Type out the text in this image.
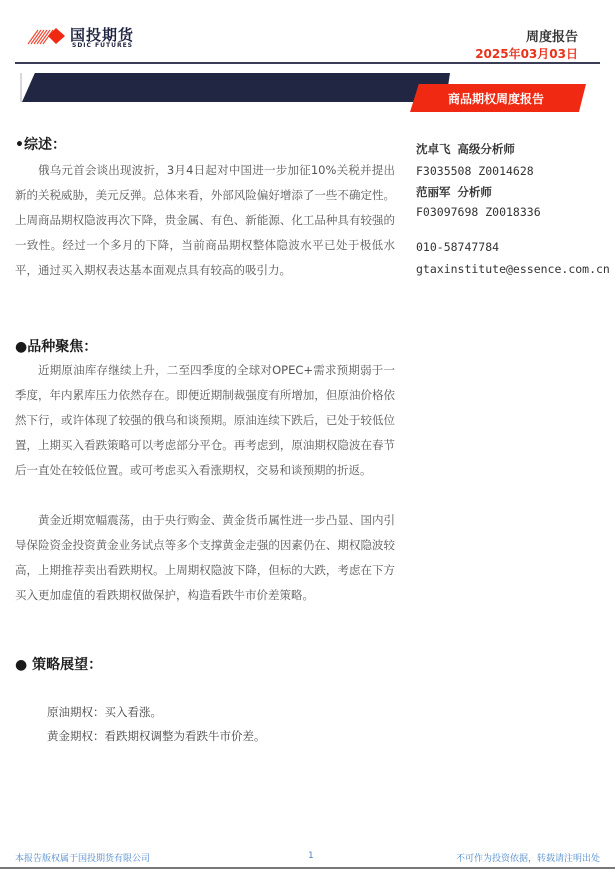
国投期货
SDIC FUTURES
周度报告
2025年03月03日
商品期权周度报告
•综述：
俄乌元首会谈出现波折，3月4日起对中国进一步加征10%关税并提出新的关税威胁，美元反弹。总体来看，外部风险偏好增添了一些不确定性。上周商品期权隐波再次下降，贵金属、有色、新能源、化工品种具有较强的一致性。经过一个多月的下降，当前商品期权整体隐波水平已处于极低水平，通过买入期权表达基本面观点具有较高的吸引力。
●品种聚焦：
近期原油库存继续上升，二至四季度的全球对OPEC+需求预期弱于一季度，年内累库压力依然存在。即便近期制裁强度有所增加，但原油价格依然下行，或许体现了较强的俄乌和谈预期。原油连续下跌后，已处于较低位置，上期买入看跌策略可以考虑部分平仓。再考虑到，原油期权隐波在春节后一直处在较低位置。或可考虑买入看涨期权，交易和谈预期的折返。
黄金近期宽幅震荡，由于央行购金、黄金货币属性进一步凸显、国内引导保险资金投资黄金业务试点等多个支撑黄金走强的因素仍在、期权隐波较高，上期推荐卖出看跌期权。上周期权隐波下降，但标的大跌，考虑在下方买入更加虚值的看跌期权做保护，构造看跌牛市价差策略。
● 策略展望：
原油期权：买入看涨。
黄金期权：看跌期权调整为看跌牛市价差。
沈卓飞 高级分析师
F3035508 Z0014628
范丽军 分析师
F03097698 Z0018336
010-58747784
gtaxinstitute@essence.com.cn
本报告版权属于国投期货有限公司	1	不可作为投资依据，转载请注明出处
